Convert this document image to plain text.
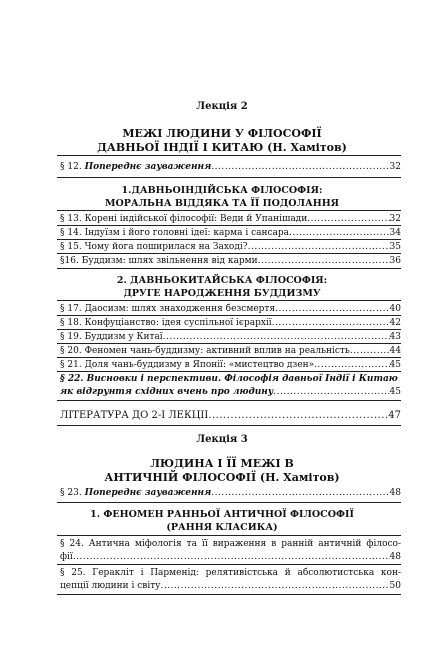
Лекція 2
МЕЖІ ЛЮДИНИ У ФІЛОСОФІЇ
ДАВНЬОЇ ІНДІЇ І КИТАЮ (Н. Хамітов)
§ 12. Попереднє зауваження .....	32
1.ДАВНЬОІНДІЙСЬКА ФІЛОСОФІЯ:
МОРАЛЬНА ВІДДЯКА ТА ЇЇ ПОДОЛАННЯ
§ 13. Корені індійської філософії: Веди й Упанішади .....	32
§ 14. Індуїзм і його головні ідеї: карма і сансара .....	34
§ 15. Чому йога поширилася на Заході? .....	35
§16. Буддизм: шлях звільнення від карми .....	36
2. ДАВНЬОКИТАЙСЬКА ФІЛОСОФІЯ:
ДРУГЕ НАРОДЖЕННЯ БУДДИЗМУ
§ 17. Даосизм: шлях знаходження безсмертя .....	40
§ 18. Конфуціанство: ідея суспільної ієрархії .....	42
§ 19. Буддизм у Китаї .....	43
§ 20. Феномен чань-буддизму: активний вплив на реальність .....	44
§ 21. Доля чань-буддизму в Японії: «мистецтво дзен» .....	45
§ 22. Висновки і перспективи. Філософія давньої Індії і Китаю
як відгрунтя східних вчень про людину .....	45
ЛІТЕРАТУРА ДО 2-Ї ЛЕКЦІЇ .....	47
Лекція 3
ЛЮДИНА І ЇЇ МЕЖІ В
АНТИЧНІЙ ФІЛОСОФІЇ (Н. Хамітов)
§ 23. Попереднє зауваження .....	48
1. ФЕНОМЕН РАННЬОЇ АНТИЧНОЇ ФІЛОСОФІЇ
(РАННЯ КЛАСИКА)
§ 24. Антична міфологія та її вираження в ранній античній філосо-
фії .....	48
§ 25. Геракліт і Парменід: релятивістська й абсолютистська кон-
цепції людини і світу .....	50
